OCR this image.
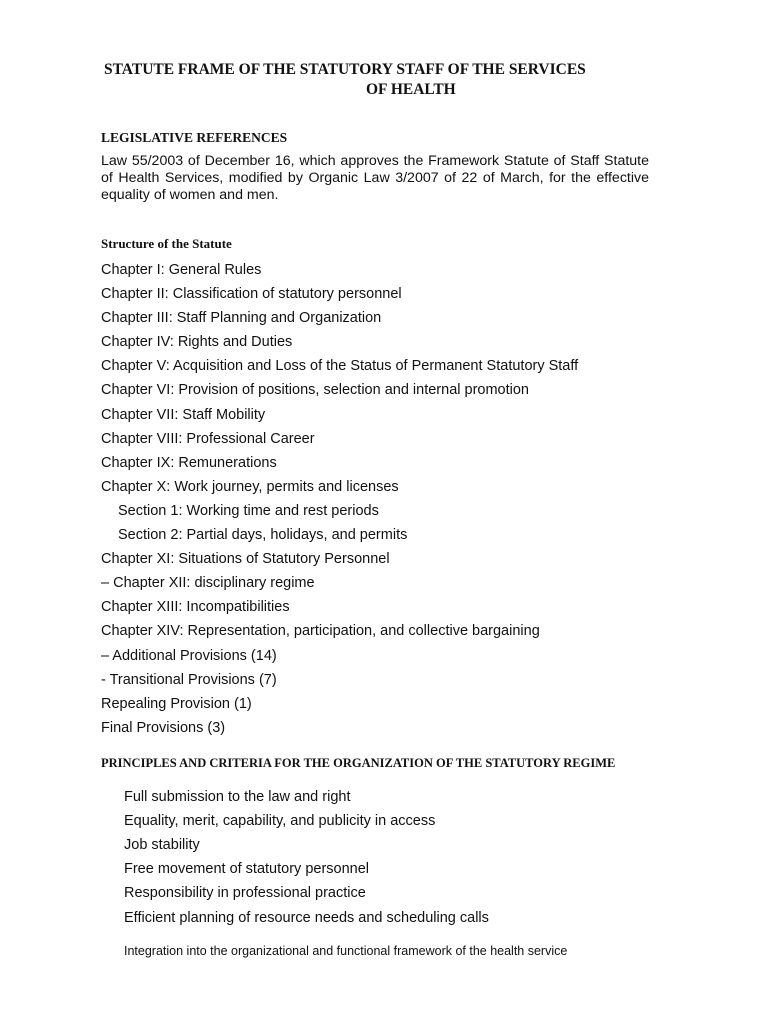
STATUTE FRAME OF THE STATUTORY STAFF OF THE SERVICES
OF HEALTH
LEGISLATIVE REFERENCES
Law 55/2003 of December 16, which approves the Framework Statute of Staff Statute of Health Services, modified by Organic Law 3/2007 of 22 of March, for the effective equality of women and men.
Structure of the Statute
Chapter I: General Rules
Chapter II: Classification of statutory personnel
Chapter III: Staff Planning and Organization
Chapter IV: Rights and Duties
Chapter V: Acquisition and Loss of the Status of Permanent Statutory Staff
Chapter VI: Provision of positions, selection and internal promotion
Chapter VII: Staff Mobility
Chapter VIII: Professional Career
Chapter IX: Remunerations
Chapter X: Work journey, permits and licenses
Section 1: Working time and rest periods
Section 2: Partial days, holidays, and permits
Chapter XI: Situations of Statutory Personnel
– Chapter XII: disciplinary regime
Chapter XIII: Incompatibilities
Chapter XIV: Representation, participation, and collective bargaining
– Additional Provisions (14)
- Transitional Provisions (7)
Repealing Provision (1)
Final Provisions (3)
PRINCIPLES AND CRITERIA FOR THE ORGANIZATION OF THE STATUTORY REGIME
Full submission to the law and right
Equality, merit, capability, and publicity in access
Job stability
Free movement of statutory personnel
Responsibility in professional practice
Efficient planning of resource needs and scheduling calls
Integration into the organizational and functional framework of the health service
